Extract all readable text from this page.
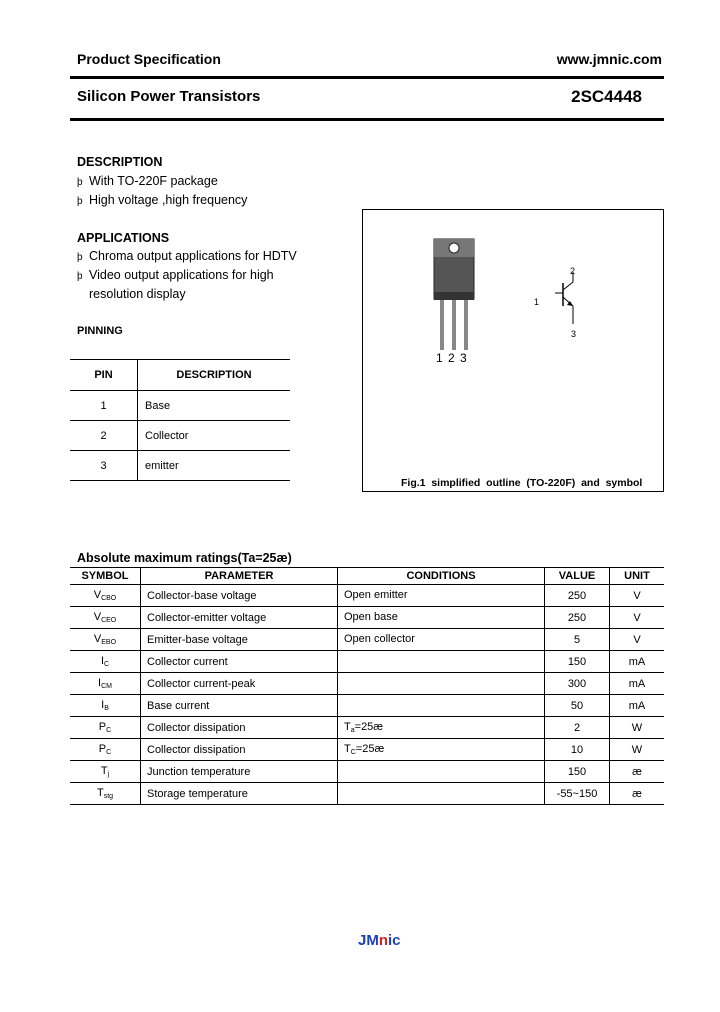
Product Specification	www.jmnic.com
Silicon Power Transistors	2SC4448
DESCRIPTION
þ With TO-220F package
þ High voltage ,high frequency
APPLICATIONS
þ Chroma output applications for HDTV
þ Video output applications for high
resolution display
PINNING
PIN	DESCRIPTION
1	Base
2	Collector
3	emitter
1 2 3
1
2
3
Fig.1  simplified  outline  (TO-220F)  and  symbol
Absolute maximum ratings(Ta=25æ)
SYMBOL	PARAMETER	CONDITIONS	VALUE	UNIT
$V_{CBO}$	Collector-base voltage	Open emitter	250	V
$V_{CEO}$	Collector-emitter voltage	Open base	250	V
$V_{EBO}$	Emitter-base voltage	Open collector	5	V
$I_C$	Collector current		150	mA
$I_{CM}$	Collector current-peak		300	mA
$I_B$	Base current		50	mA
$P_C$	Collector dissipation	$T_a=25æ$	2	W
$P_C$	Collector dissipation	$T_C=25æ$	10	W
$T_j$	Junction temperature		150	æ
$T_{stg}$	Storage temperature		-55~150	æ
JMnic
